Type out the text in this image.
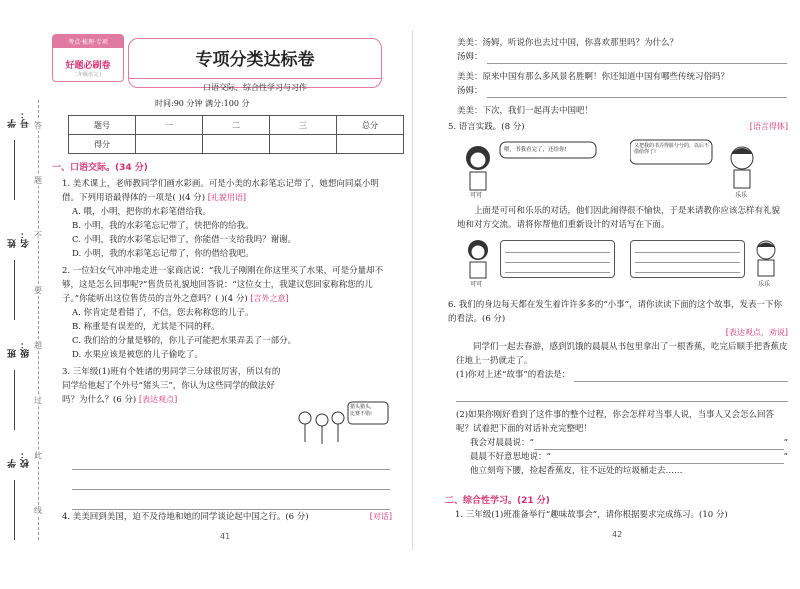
学号：
姓名：
班级：
学校：
答
题
不
要
超
过
此
线
考点·梳理·专项
好题必刷卷
二年级语文上
专项分类达标卷
口语交际、综合性学习与习作
时间:90 分钟 满分:100 分
题号	一	二	三	总分
得分				
一、口语交际。(34 分)
1. 美术课上，老师教同学们画水彩画。可是小美的水彩笔忘记带了，她想向同桌小明借。下列用语最得体的一项是( )(4 分) [礼貌用语]
A. 喂，小明，把你的水彩笔借给我。
B. 小明，我的水彩笔忘记带了，快把你的给我。
C. 小明，我的水彩笔忘记带了，你能借一支给我吗？谢谢。
D. 小明，我的水彩笔忘记带了，你的借给我吧。
2. 一位妇女气冲冲地走进一家商店说：“我儿子刚刚在你这里买了水果，可是分量却不够，这是怎么回事呢?”售货员礼貌地回答说：“这位女士，我建议您回家称称您的儿子。”你能听出这位售货员的言外之意吗？( )(4 分) [言外之意]
A. 你肯定是看错了，不信，您去称称您的儿子。
B. 称重是有误差的，尤其是不同的秤。
C. 我们给的分量是够的，你儿子可能把水果弄丢了一部分。
D. 水果应该是被您的儿子偷吃了。
3. 三年级(1)班有个姓诸的男同学三分球很厉害，所以有的同学给他起了个外号“猪头三”，你认为这些同学的做法好吗？为什么？(6 分) [表达观点]
猪头猪头，
比赛不错!
4. 美美回到美国，迫不及待地和她的同学谈论起中国之行。(6 分)	[对话]
41
美美：汤姆，听说你也去过中国，你喜欢那里吗？为什么？
汤姆：
美美：原来中国有那么多风景名胜啊！你还知道中国有哪些传统习俗吗？
汤姆：
美美：下次，我们一起再去中国吧！
5. 语言实践。(8 分)	[语言得体]
喂，书我看完了，还给你!
可可
又把我的书弄得脏兮兮的，以后不借给你了!
乐乐
上面是可可和乐乐的对话，他们因此闹得很不愉快，于是来请教你应该怎样有礼貌地和对方交流。请将你帮他们重新设计的对话写在下面。
可可	乐乐
6. 我们的身边每天都在发生着许许多多的“小事”，请你读读下面的这个故事，发表一下你的看法。(6 分)
[表达观点，劝说]
同学们一起去春游，感到饥饿的晨晨从书包里拿出了一根香蕉，吃完后顺手把香蕉皮往地上一扔就走了。
(1)你对上述“故事”的看法是：
(2)如果你刚好看到了这件事的整个过程，你会怎样对当事人说，当事人又会怎么回答呢？试着把下面的对话补充完整吧！
我会对晨晨说：“	”
晨晨不好意思地说：“	”
他立刻弯下腰，捡起香蕉皮，往不远处的垃圾桶走去……
二、综合性学习。(21 分)
1. 三年级(1)班准备举行“趣味故事会”，请你根据要求完成练习。(10 分)
42
